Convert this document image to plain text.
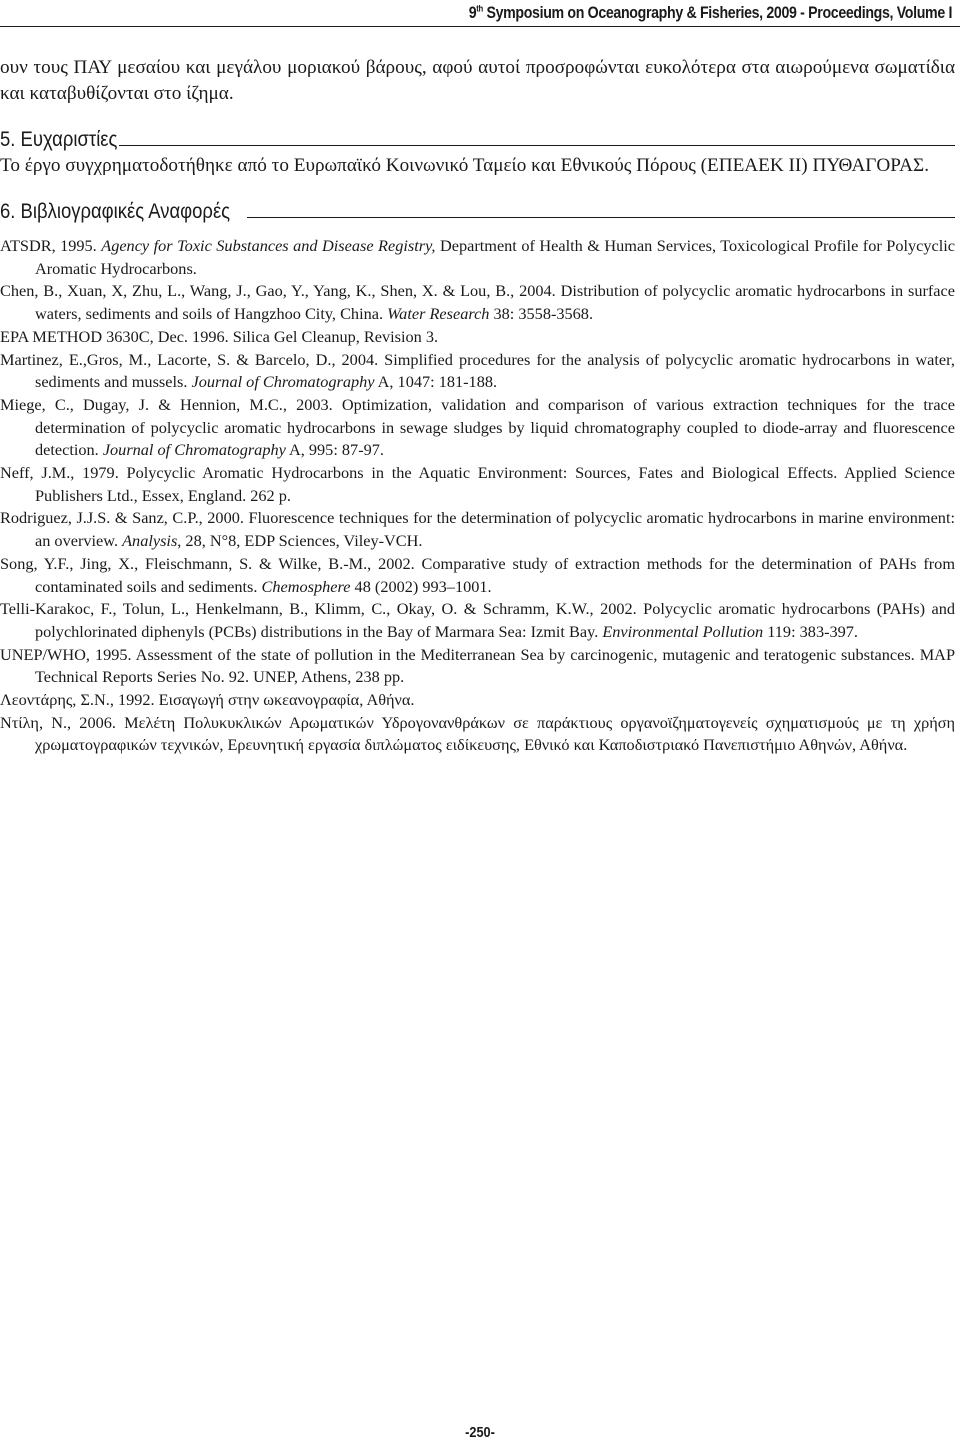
9th Symposium on Oceanography & Fisheries, 2009 - Proceedings, Volume I

ουν τους ΠΑΥ μεσαίου και μεγάλου μοριακού βάρους, αφού αυτοί προσροφώνται ευκολότερα στα αιωρούμενα σωματίδια και καταβυθίζονται στο ίζημα.

5. Ευχαριστίες

Το έργο συγχρηματοδοτήθηκε από το Ευρωπαϊκό Κοινωνικό Ταμείο και Εθνικούς Πόρους (ΕΠΕΑΕΚ ΙΙ) ΠΥΘΑΓΟΡΑΣ.

6. Βιβλιογραφικές Αναφορές

ATSDR, 1995. Agency for Toxic Substances and Disease Registry, Department of Health & Human Services, Toxicological Profile for Polycyclic Aromatic Hydrocarbons.

Chen, B., Xuan, X, Zhu, L., Wang, J., Gao, Y., Yang, K., Shen, X. & Lou, B., 2004. Distribution of polycyclic aromatic hydrocarbons in surface waters, sediments and soils of Hangzhoo City, China. Water Research 38: 3558-3568.

EPA METHOD 3630C, Dec. 1996. Silica Gel Cleanup, Revision 3.

Martinez, E.,Gros, M., Lacorte, S. & Barcelo, D., 2004. Simplified procedures for the analysis of polycyclic aromatic hydrocarbons in water, sediments and mussels. Journal of Chromatography A, 1047: 181-188.

Miege, C., Dugay, J. & Hennion, M.C., 2003. Optimization, validation and comparison of various extraction techniques for the trace determination of polycyclic aromatic hydrocarbons in sewage sludges by liquid chromatography coupled to diode-array and fluorescence detection. Journal of Chromatography A, 995: 87-97.

Neff, J.M., 1979. Polycyclic Aromatic Hydrocarbons in the Aquatic Environment: Sources, Fates and Biological Effects. Applied Science Publishers Ltd., Essex, England. 262 p.

Rodriguez, J.J.S. & Sanz, C.P., 2000. Fluorescence techniques for the determination of polycyclic aromatic hydrocarbons in marine environment: an overview. Analysis, 28, N°8, EDP Sciences, Viley-VCH.

Song, Y.F., Jing, X., Fleischmann, S. & Wilke, B.-M., 2002. Comparative study of extraction methods for the determination of PAHs from contaminated soils and sediments. Chemosphere 48 (2002) 993–1001.

Telli-Karakoc, F., Tolun, L., Henkelmann, B., Klimm, C., Okay, O. & Schramm, K.W., 2002. Polycyclic aromatic hydrocarbons (PAHs) and polychlorinated diphenyls (PCBs) distributions in the Bay of Marmara Sea: Izmit Bay. Environmental Pollution 119: 383-397.

UNEP/WHO, 1995. Assessment of the state of pollution in the Mediterranean Sea by carcinogenic, mutagenic and teratogenic substances. MAP Technical Reports Series No. 92. UNEP, Athens, 238 pp.

Λεοντάρης, Σ.Ν., 1992. Εισαγωγή στην ωκεανογραφία, Αθήνα.

Ντίλη, Ν., 2006. Μελέτη Πολυκυκλικών Αρωματικών Υδρογονανθράκων σε παράκτιους οργανοϊζηματογενείς σχηματισμούς με τη χρήση χρωματογραφικών τεχνικών, Ερευνητική εργασία διπλώματος ειδίκευσης, Εθνικό και Καποδιστριακό Πανεπιστήμιο Αθηνών, Αθήνα.

-250-
